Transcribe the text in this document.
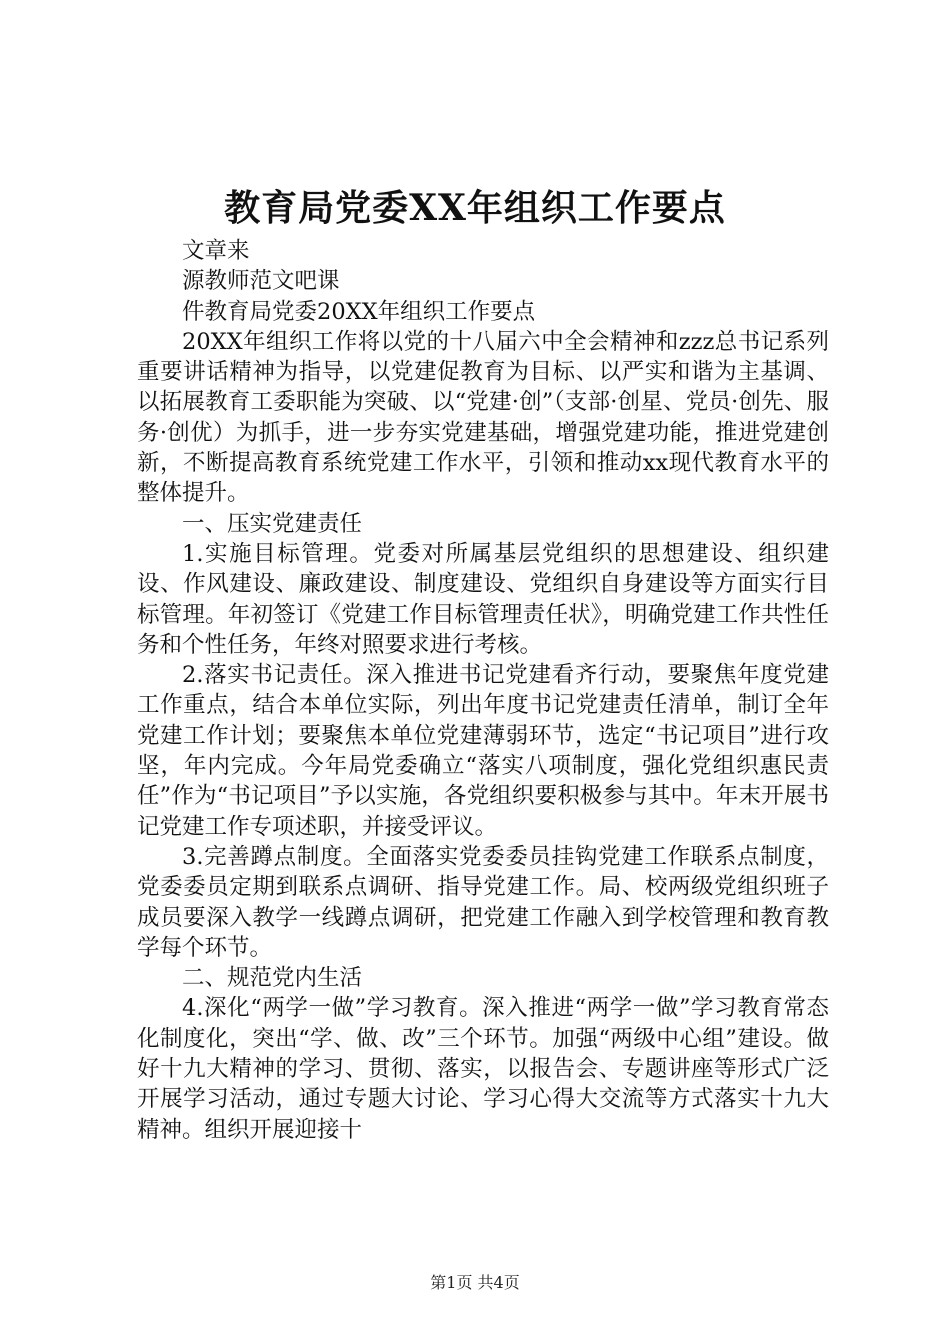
教育局党委XX年组织工作要点

文章来

源教师范文吧课

件教育局党委20XX年组织工作要点

20XX年组织工作将以党的十八届六中全会精神和zzz总书记系列重要讲话精神为指导，以党建促教育为目标、以严实和谐为主基调、以拓展教育工委职能为突破、以“党建·创”（支部·创星、党员·创先、服务·创优）为抓手，进一步夯实党建基础，增强党建功能，推进党建创新，不断提高教育系统党建工作水平，引领和推动xx现代教育水平的整体提升。

一、压实党建责任

1.实施目标管理。党委对所属基层党组织的思想建设、组织建设、作风建设、廉政建设、制度建设、党组织自身建设等方面实行目标管理。年初签订《党建工作目标管理责任状》，明确党建工作共性任务和个性任务，年终对照要求进行考核。

2.落实书记责任。深入推进书记党建看齐行动，要聚焦年度党建工作重点，结合本单位实际，列出年度书记党建责任清单，制订全年党建工作计划；要聚焦本单位党建薄弱环节，选定“书记项目”进行攻坚，年内完成。今年局党委确立“落实八项制度，强化党组织惠民责任”作为“书记项目”予以实施，各党组织要积极参与其中。年末开展书记党建工作专项述职，并接受评议。

3.完善蹲点制度。全面落实党委委员挂钩党建工作联系点制度，党委委员定期到联系点调研、指导党建工作。局、校两级党组织班子成员要深入教学一线蹲点调研，把党建工作融入到学校管理和教育教学每个环节。

二、规范党内生活

4.深化“两学一做”学习教育。深入推进“两学一做”学习教育常态化制度化，突出“学、做、改”三个环节。加强“两级中心组”建设。做好十九大精神的学习、贯彻、落实，以报告会、专题讲座等形式广泛开展学习活动，通过专题大讨论、学习心得大交流等方式落实十九大精神。组织开展迎接十

第1页 共4页
